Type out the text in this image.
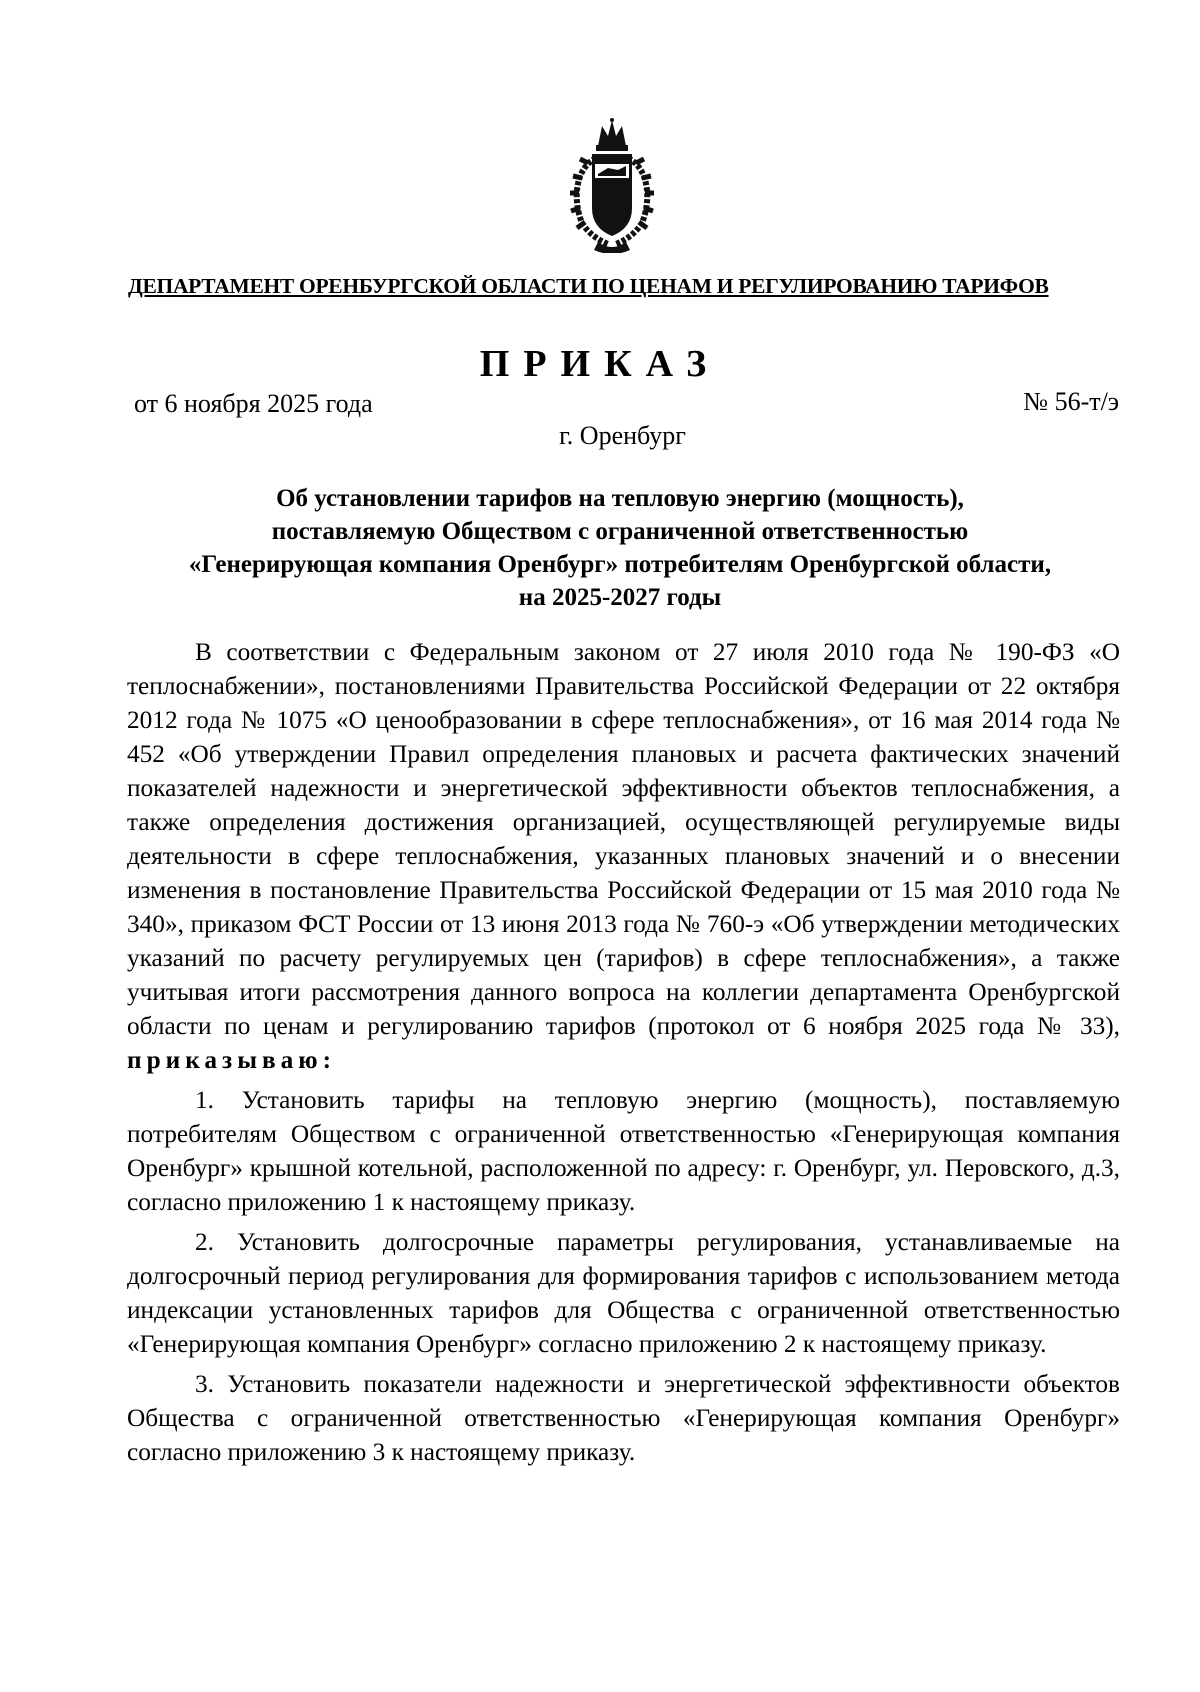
ДЕПАРТАМЕНТ ОРЕНБУРГСКОЙ ОБЛАСТИ ПО ЦЕНАМ И РЕГУЛИРОВАНИЮ ТАРИФОВ
ПРИКАЗ
от 6 ноября 2025 года	№ 56-т/э
г. Оренбург
Об установлении тарифов на тепловую энергию (мощность),
поставляемую Обществом с ограниченной ответственностью
«Генерирующая компания Оренбург» потребителям Оренбургской области,
на 2025-2027 годы

В соответствии с Федеральным законом от 27 июля 2010 года № 190-ФЗ «О теплоснабжении», постановлениями Правительства Российской Федерации от 22 октября 2012 года № 1075 «О ценообразовании в сфере теплоснабжения», от 16 мая 2014 года № 452 «Об утверждении Правил определения плановых и расчета фактических значений показателей надежности и энергетической эффективности объектов теплоснабжения, а также определения достижения организацией, осуществляющей регулируемые виды деятельности в сфере теплоснабжения, указанных плановых значений и о внесении изменения в постановление Правительства Российской Федерации от 15 мая 2010 года № 340», приказом ФСТ России от 13 июня 2013 года № 760-э «Об утверждении методических указаний по расчету регулируемых цен (тарифов) в сфере теплоснабжения», а также учитывая итоги рассмотрения данного вопроса на коллегии департамента Оренбургской области по ценам и регулированию тарифов (протокол от 6 ноября 2025 года № 33), приказываю:

1. Установить тарифы на тепловую энергию (мощность), поставляемую потребителям Обществом с ограниченной ответственностью «Генерирующая компания Оренбург» крышной котельной, расположенной по адресу: г. Оренбург, ул. Перовского, д.3, согласно приложению 1 к настоящему приказу.

2. Установить долгосрочные параметры регулирования, устанавливаемые на долгосрочный период регулирования для формирования тарифов с использованием метода индексации установленных тарифов для Общества с ограниченной ответственностью «Генерирующая компания Оренбург» согласно приложению 2 к настоящему приказу.

3. Установить показатели надежности и энергетической эффективности объектов Общества с ограниченной ответственностью «Генерирующая компания Оренбург» согласно приложению 3 к настоящему приказу.
